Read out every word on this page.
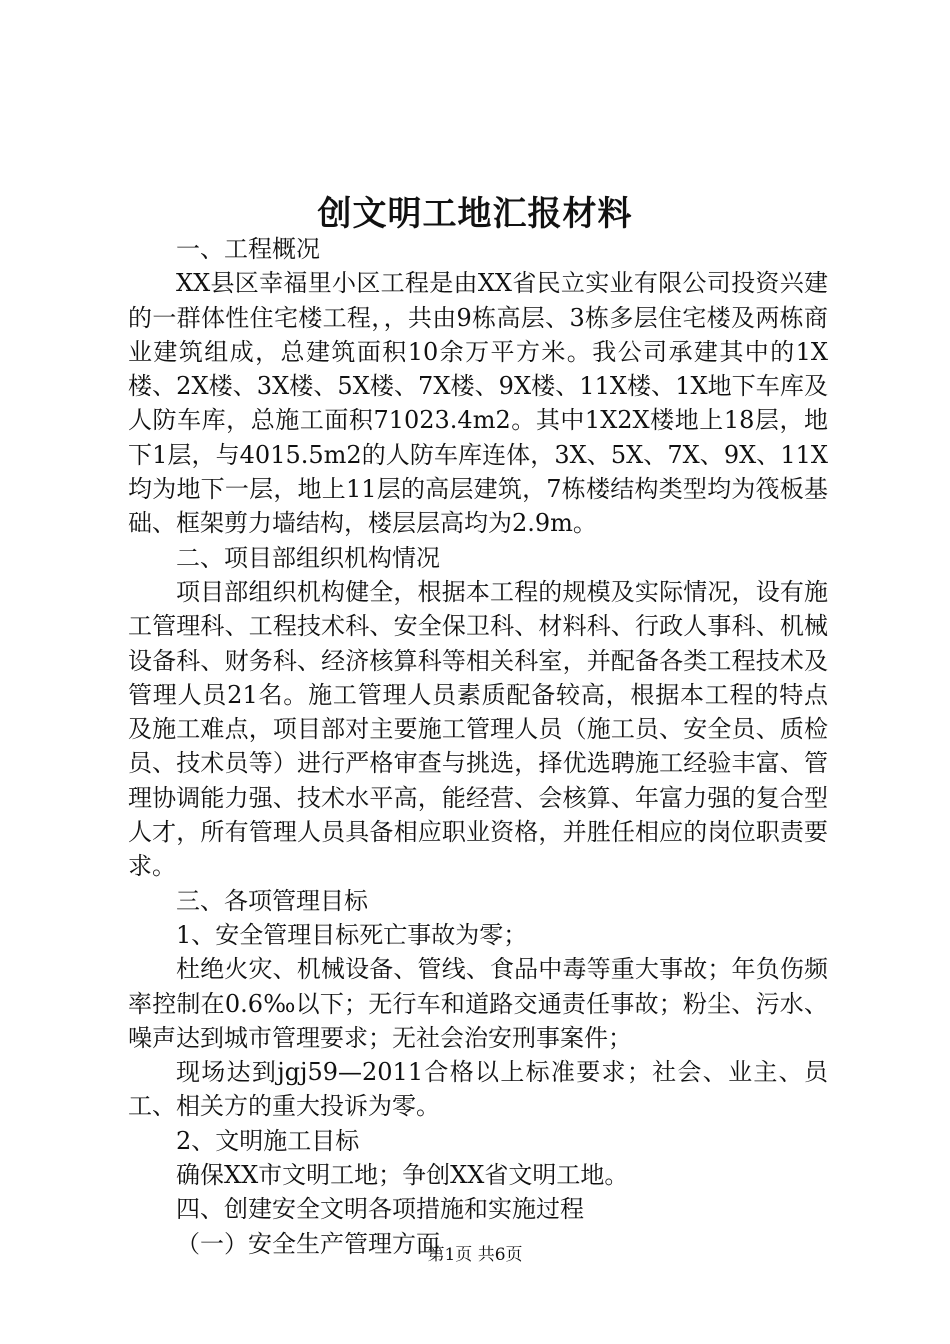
创文明工地汇报材料

一、工程概况

XX县区幸福里小区工程是由XX省民立实业有限公司投资兴建的一群体性住宅楼工程，，共由9栋高层、3栋多层住宅楼及两栋商业建筑组成，总建筑面积10余万平方米。我公司承建其中的1X楼、2X楼、3X楼、5X楼、7X楼、9X楼、11X楼、1X地下车库及人防车库，总施工面积71023.4m2。其中1X2X楼地上18层，地下1层，与4015.5m2的人防车库连体，3X、5X、7X、9X、11X均为地下一层，地上11层的高层建筑，7栋楼结构类型均为筏板基础、框架剪力墙结构，楼层层高均为2.9m。

二、项目部组织机构情况

项目部组织机构健全，根据本工程的规模及实际情况，设有施工管理科、工程技术科、安全保卫科、材料科、行政人事科、机械设备科、财务科、经济核算科等相关科室，并配备各类工程技术及管理人员21名。施工管理人员素质配备较高，根据本工程的特点及施工难点，项目部对主要施工管理人员（施工员、安全员、质检员、技术员等）进行严格审查与挑选，择优选聘施工经验丰富、管理协调能力强、技术水平高，能经营、会核算、年富力强的复合型人才，所有管理人员具备相应职业资格，并胜任相应的岗位职责要求。

三、各项管理目标

1、安全管理目标死亡事故为零；

杜绝火灾、机械设备、管线、食品中毒等重大事故；年负伤频率控制在0.6‰以下；无行车和道路交通责任事故；粉尘、污水、噪声达到城市管理要求；无社会治安刑事案件；

现场达到jgj59—2011合格以上标准要求；社会、业主、员工、相关方的重大投诉为零。

2、文明施工目标

确保XX市文明工地；争创XX省文明工地。

四、创建安全文明各项措施和实施过程

（一）安全生产管理方面

第1页 共6页
